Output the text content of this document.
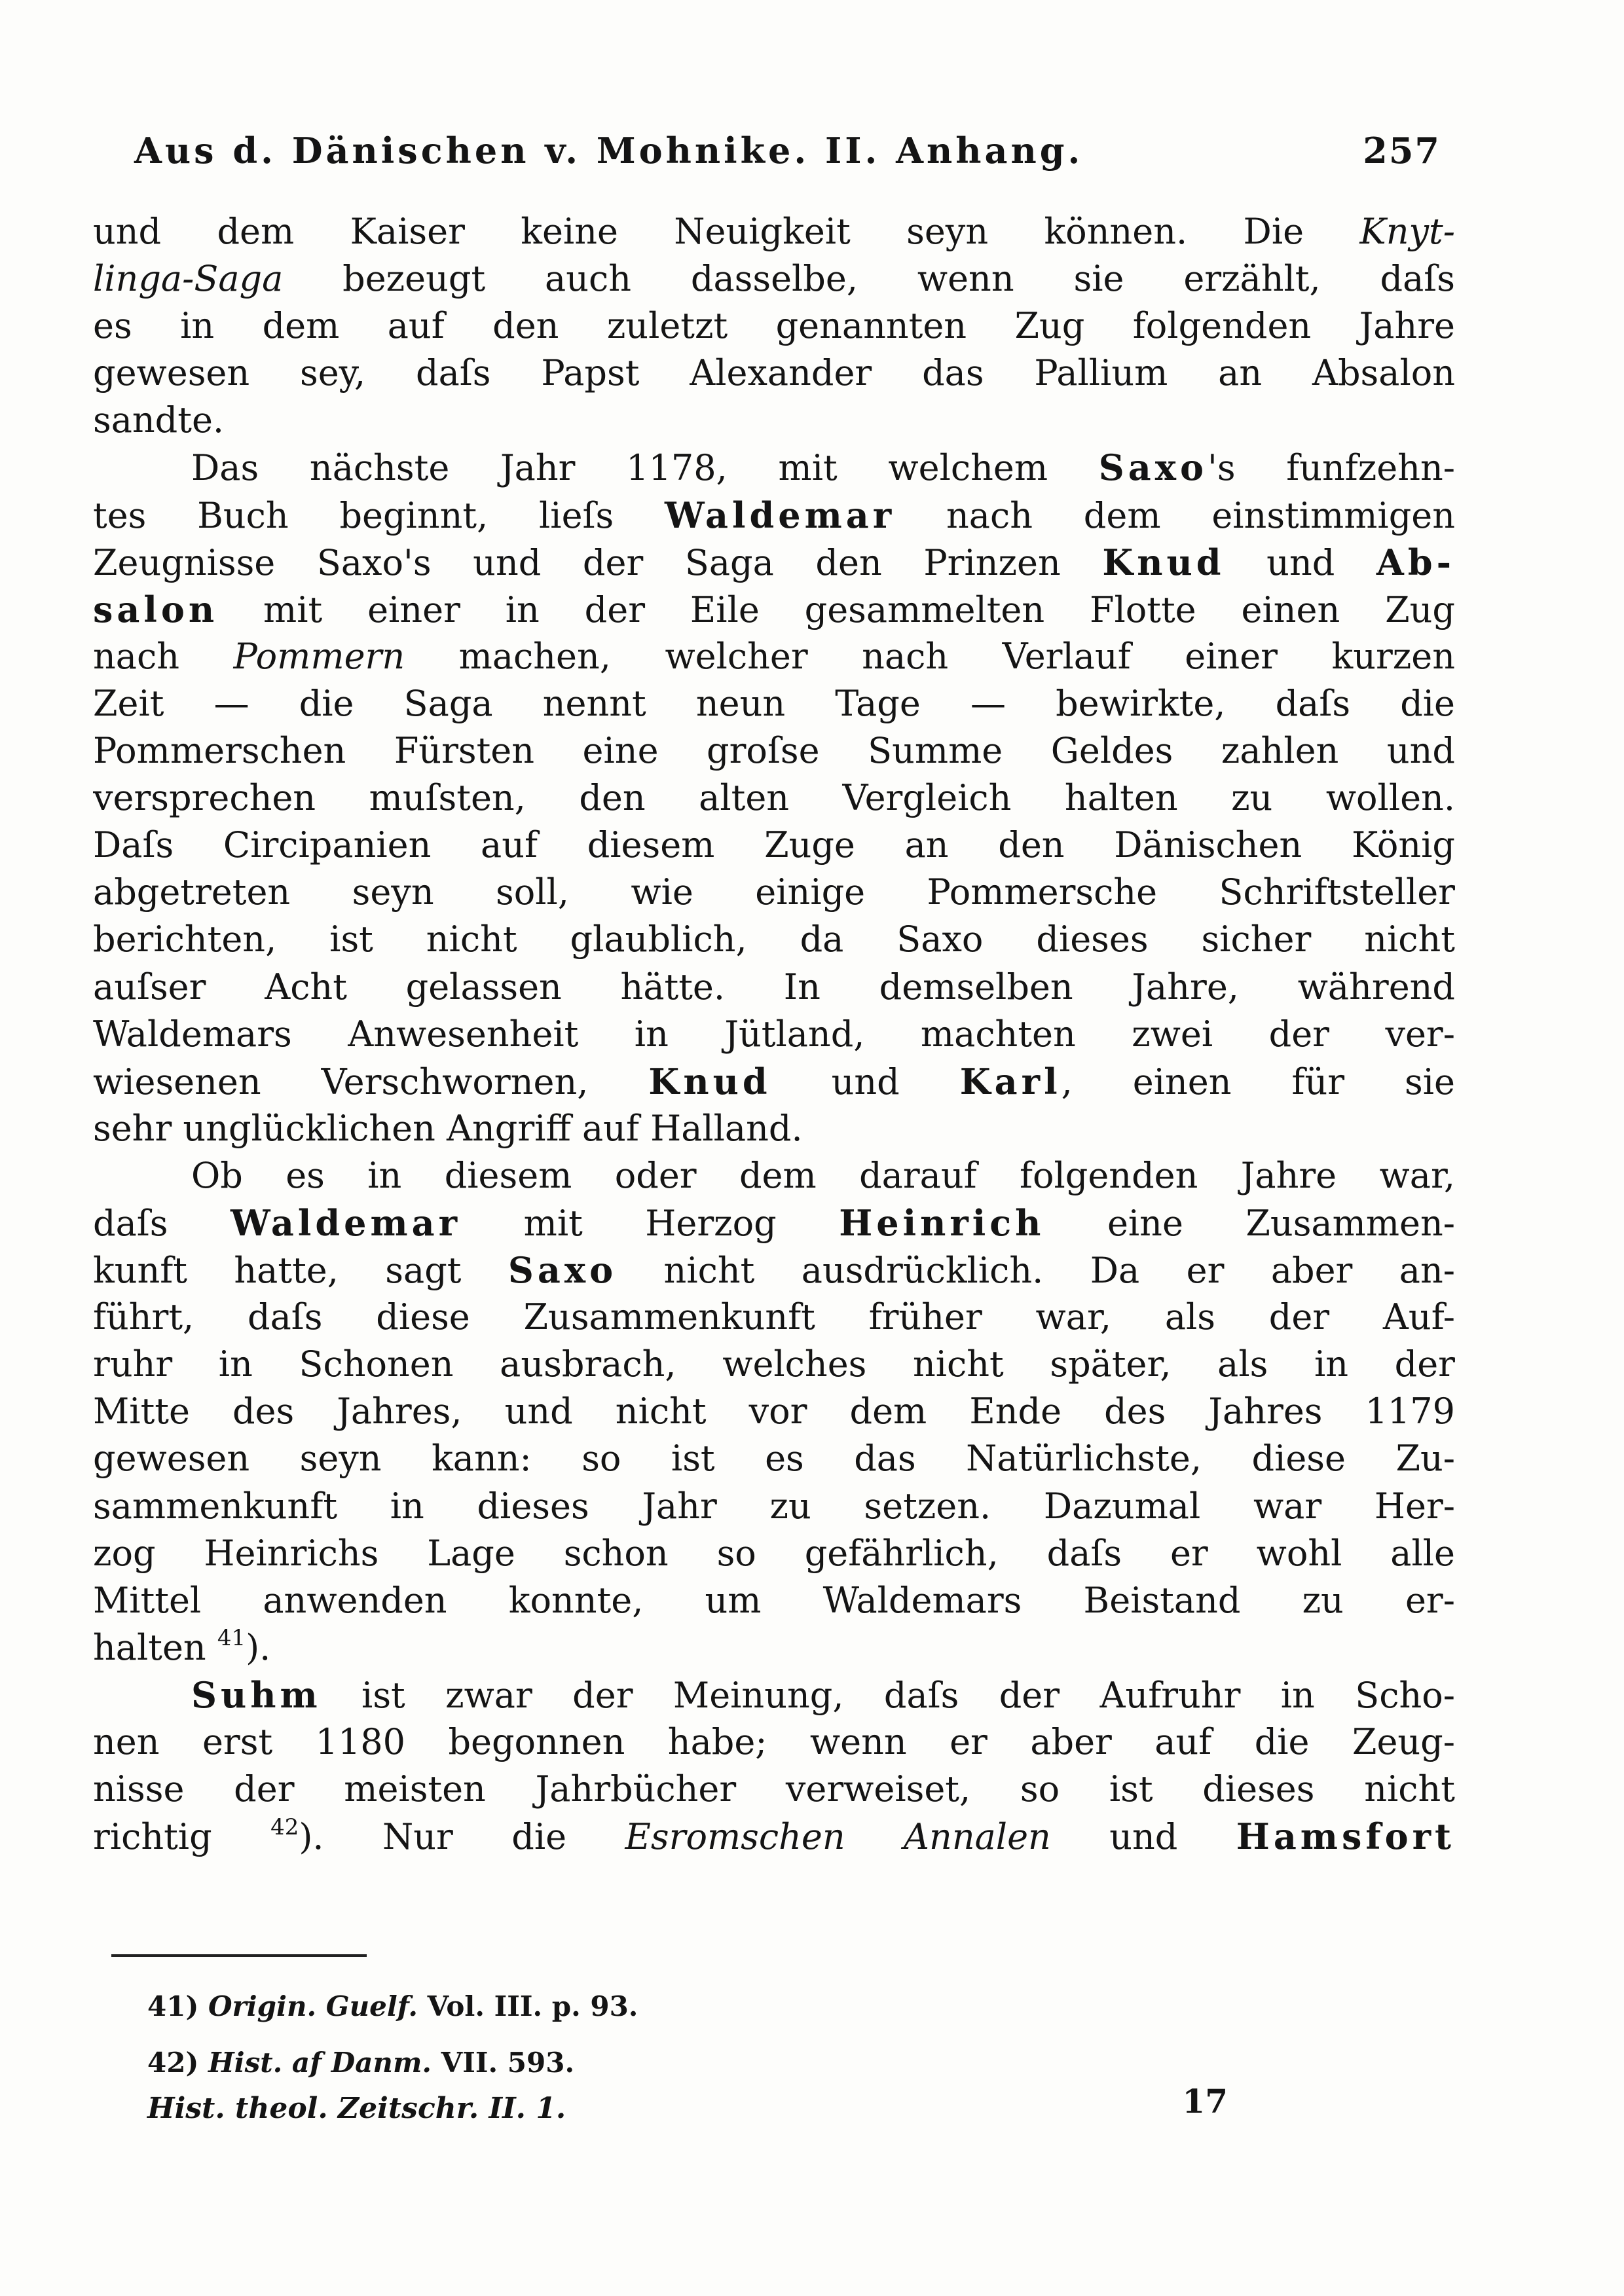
Aus d. Dänischen v. Mohnike. II. Anhang.	257
und dem Kaiser keine Neuigkeit seyn können. Die Knyt-
linga-Saga bezeugt auch dasselbe, wenn sie erzählt, daſs
es in dem auf den zuletzt genannten Zug folgenden Jahre
gewesen sey, daſs Papst Alexander das Pallium an Absalon
sandte.
Das nächste Jahr 1178, mit welchem Saxo's funfzehn-
tes Buch beginnt, lieſs Waldemar nach dem einstimmigen
Zeugnisse Saxo's und der Saga den Prinzen Knud und Ab-
salon mit einer in der Eile gesammelten Flotte einen Zug
nach Pommern machen, welcher nach Verlauf einer kurzen
Zeit — die Saga nennt neun Tage — bewirkte, daſs die
Pommerschen Fürsten eine groſse Summe Geldes zahlen und
versprechen muſsten, den alten Vergleich halten zu wollen.
Daſs Circipanien auf diesem Zuge an den Dänischen König
abgetreten seyn soll, wie einige Pommersche Schriftsteller
berichten, ist nicht glaublich, da Saxo dieses sicher nicht
auſser Acht gelassen hätte. In demselben Jahre, während
Waldemars Anwesenheit in Jütland, machten zwei der ver-
wiesenen Verschwornen, Knud und Karl, einen für sie
sehr unglücklichen Angriff auf Halland.
Ob es in diesem oder dem darauf folgenden Jahre war,
daſs Waldemar mit Herzog Heinrich eine Zusammen-
kunft hatte, sagt Saxo nicht ausdrücklich. Da er aber an-
führt, daſs diese Zusammenkunft früher war, als der Auf-
ruhr in Schonen ausbrach, welches nicht später, als in der
Mitte des Jahres, und nicht vor dem Ende des Jahres 1179
gewesen seyn kann: so ist es das Natürlichste, diese Zu-
sammenkunft in dieses Jahr zu setzen. Dazumal war Her-
zog Heinrichs Lage schon so gefährlich, daſs er wohl alle
Mittel anwenden konnte, um Waldemars Beistand zu er-
halten $^{41}$).
Suhm ist zwar der Meinung, daſs der Aufruhr in Scho-
nen erst 1180 begonnen habe; wenn er aber auf die Zeug-
nisse der meisten Jahrbücher verweiset, so ist dieses nicht
richtig $^{42}$). Nur die Esromschen Annalen und Hamsfort
41) Origin. Guelf. Vol. III. p. 93.
42) Hist. af Danm. VII. 593.
Hist. theol. Zeitschr. II. 1.	17
